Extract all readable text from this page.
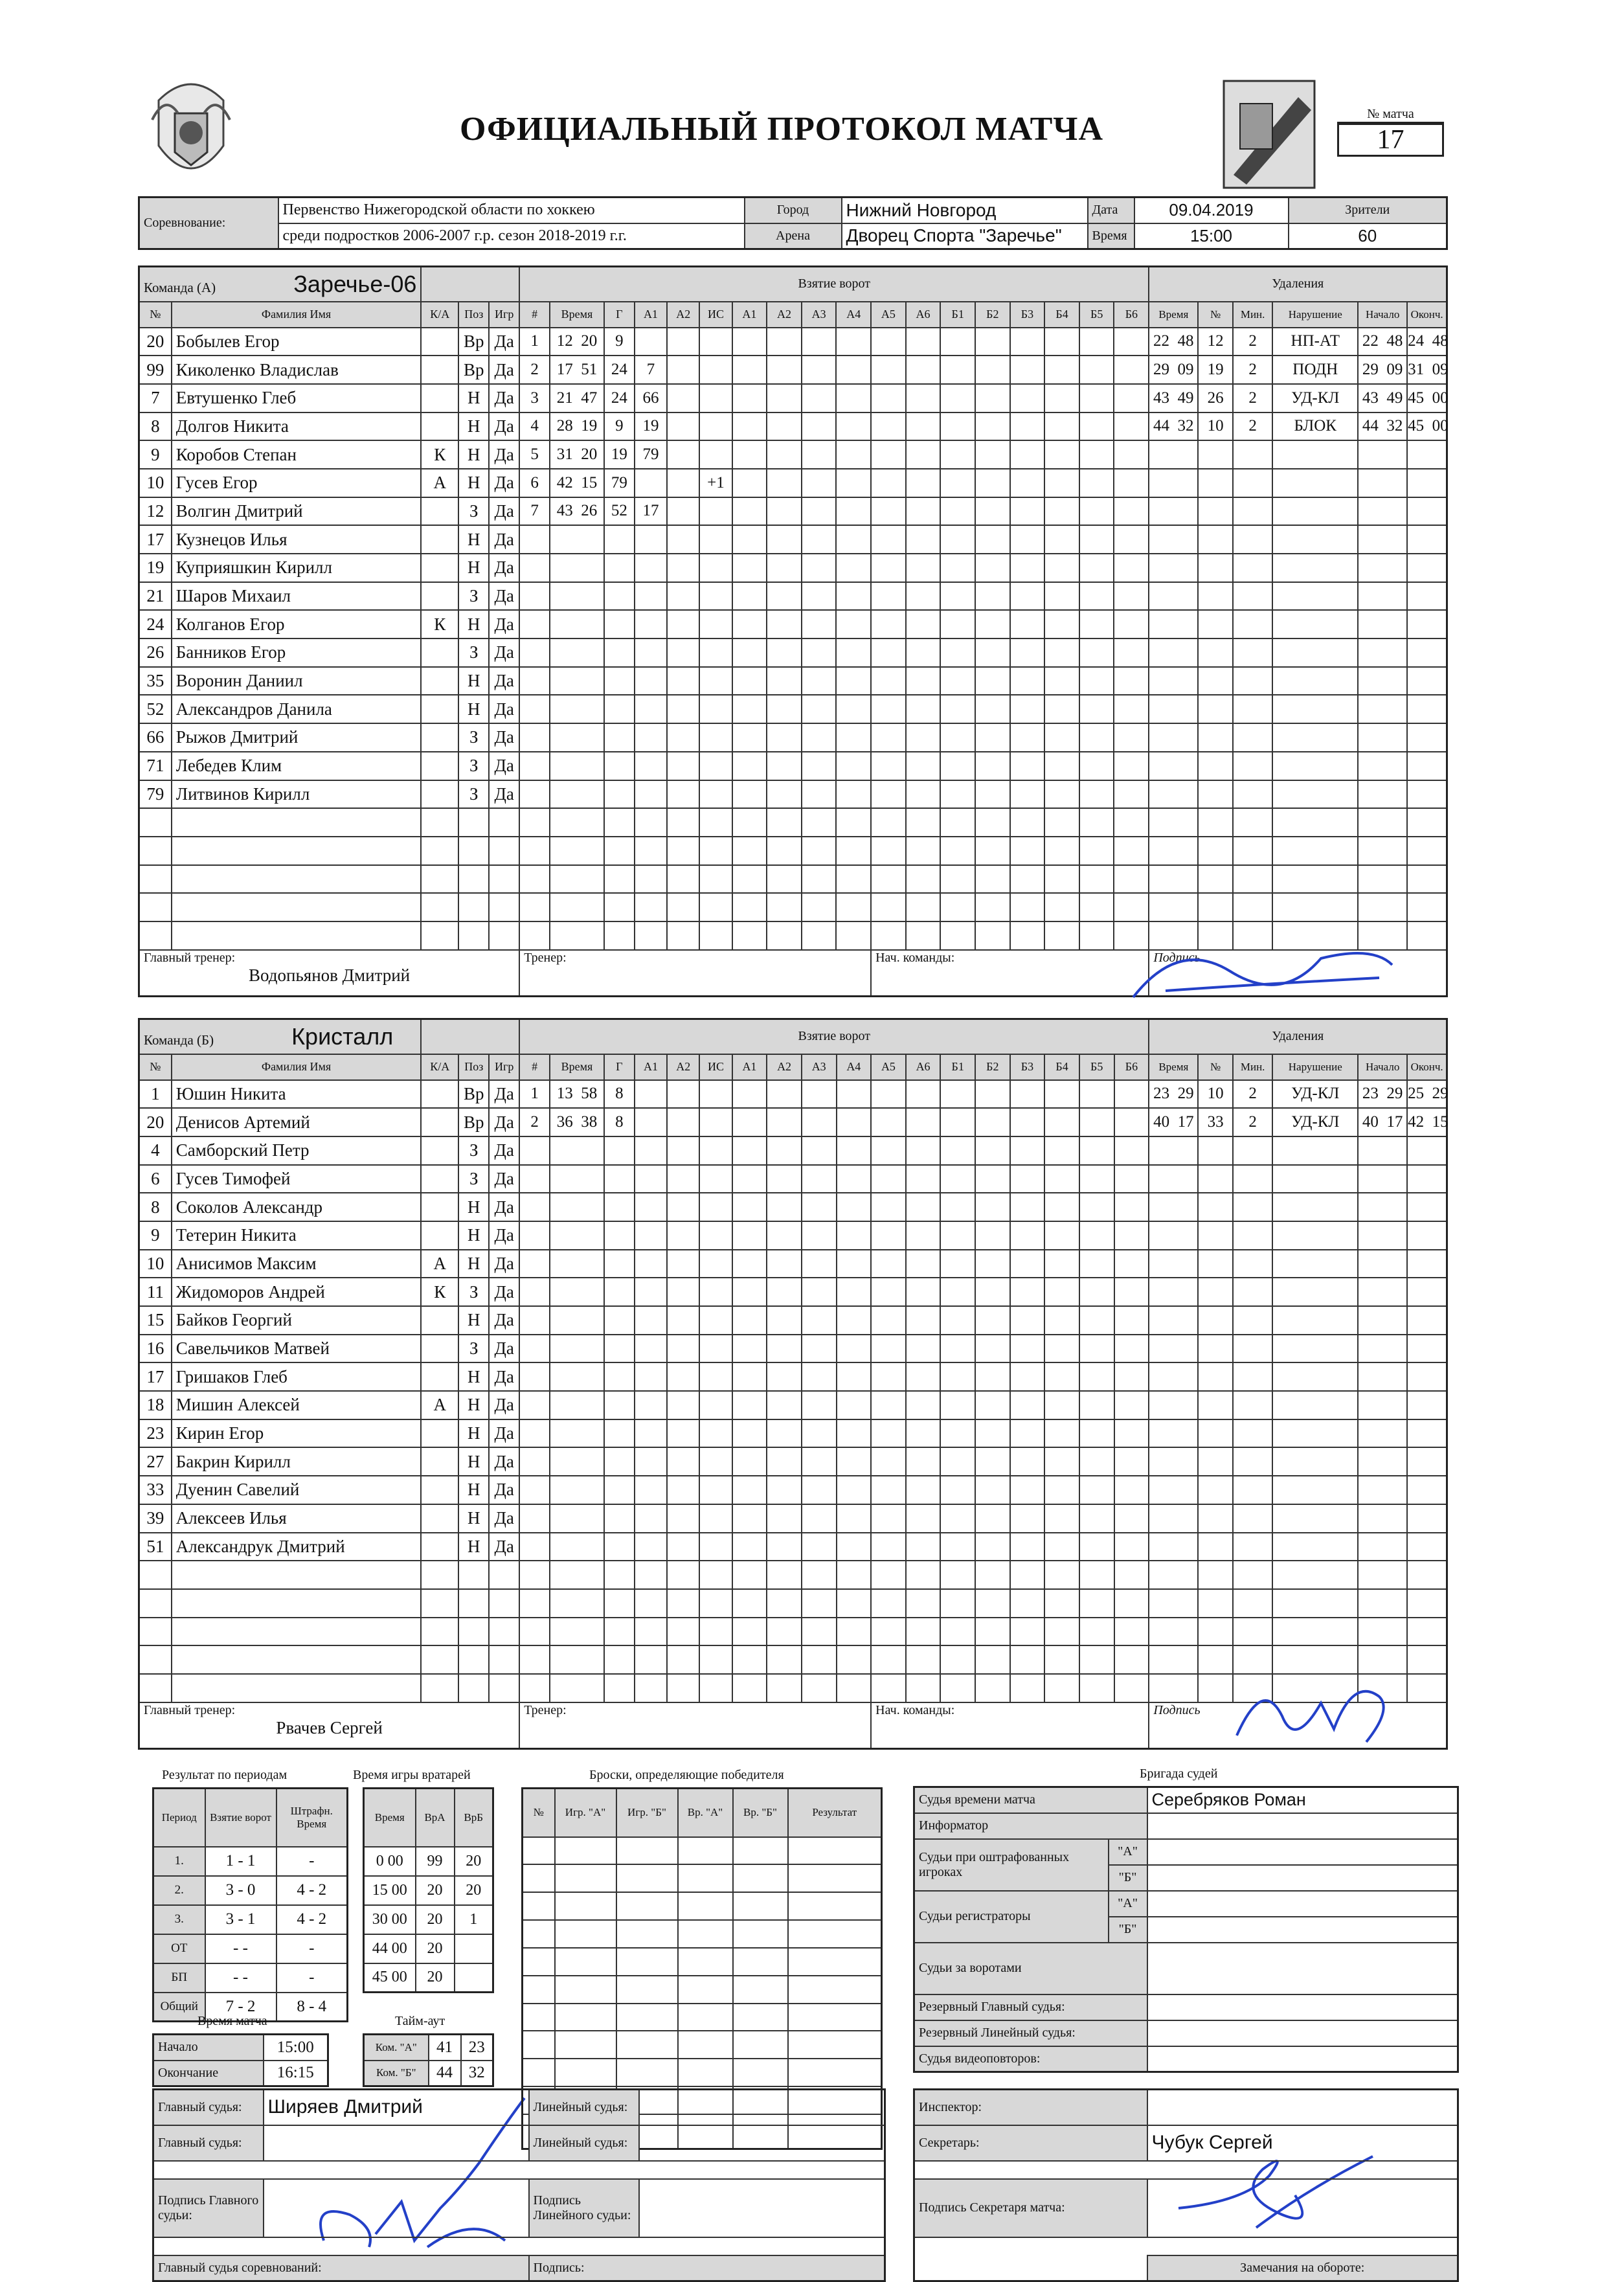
ОФИЦИАЛЬНЫЙ ПРОТОКОЛ МАТЧА	№ матча
17
Соревнование:	Первенство Нижегородской области по хоккею	Город	Нижний Новгород	Дата	09.04.2019	Зрители
	среди подростков 2006-2007 г.р. сезон 2018-2019 г.г.	Арена	Дворец Спорта "Заречье"	Время	15:00	60
Команда (А) Заречье-06					Взятие ворот																		Удаления					
№	Фамилия Имя	К/А	Поз	Игр	#	Время	Г	А1	А2	ИС	А1	А2	А3	А4	А5	А6	Б1	Б2	Б3	Б4	Б5	Б6	Время	№	Мин.	Нарушение	Начало	Оконч.
20	Бобылев Егор		Вр	Да	1	12 20	9																22 48	12	2	НП-АТ	22 48	24 48
99	Киколенко Владислав		Вр	Да	2	17 51	24	7															29 09	19	2	ПОДН	29 09	31 09
7	Евтушенко Глеб		Н	Да	3	21 47	24	66															43 49	26	2	УД-КЛ	43 49	45 00
8	Долгов Никита		Н	Да	4	28 19	9	19															44 32	10	2	БЛОК	44 32	45 00
9	Коробов Степан	К	Н	Да	5	31 20	19	79																				
10	Гусев Егор	А	Н	Да	6	42 15	79			+1																		
12	Волгин Дмитрий		З	Да	7	43 26	52	17																				
17	Кузнецов Илья		Н	Да																								
19	Куприяшкин Кирилл		Н	Да																								
21	Шаров Михаил		З	Да																								
24	Колганов Егор	К	Н	Да																								
26	Банников Егор		З	Да																								
35	Воронин Даниил		Н	Да																								
52	Александров Данила		Н	Да																								
66	Рыжов Дмитрий		З	Да																								
71	Лебедев Клим		З	Да																								
79	Литвинов Кирилл		З	Да																								

Главный тренер:
Водопьянов Дмитрий					Тренер:										Нач. команды:								Подпись					
Команда (Б) Кристалл					Взятие ворот																		Удаления					
№	Фамилия Имя	К/А	Поз	Игр	#	Время	Г	А1	А2	ИС	А1	А2	А3	А4	А5	А6	Б1	Б2	Б3	Б4	Б5	Б6	Время	№	Мин.	Нарушение	Начало	Оконч.
1	Юшин Никита		Вр	Да	1	13 58	8																23 29	10	2	УД-КЛ	23 29	25 29
20	Денисов Артемий		Вр	Да	2	36 38	8																40 17	33	2	УД-КЛ	40 17	42 15
4	Самборский Петр		З	Да																								
6	Гусев Тимофей		З	Да																								
8	Соколов Александр		Н	Да																								
9	Тетерин Никита		Н	Да																								
10	Анисимов Максим	А	Н	Да																								
11	Жидоморов Андрей	К	З	Да																								
15	Байков Георгий		Н	Да																								
16	Савельчиков Матвей		З	Да																								
17	Гришаков Глеб		Н	Да																								
18	Мишин Алексей	А	Н	Да																								
23	Кирин Егор		Н	Да																								
27	Бакрин Кирилл		Н	Да																								
33	Дуенин Савелий		Н	Да																								
39	Алексеев Илья		Н	Да																								
51	Александрук Дмитрий		Н	Да																								

Главный тренер:
Рвачев Сергей					Тренер:										Нач. команды:								Подпись					
Результат по периодам
Период	Взятие ворот	Штрафн. Время
1.	1 - 1	-
2.	3 - 0	4 - 2
3.	3 - 1	4 - 2
ОТ	- -	-
БП	- -	-
Общий	7 - 2	8 - 4
Время игры вратарей
Время	ВрА	ВрБ
0 00	99	20
15 00	20	20
30 00	20	1
44 00	20	
45 00	20	
Броски, определяющие победителя
№	Игр. "А"	Игр. "Б"	Вр. "А"	Вр. "Б"	Результат

Время матча
Начало	15:00
Окончание	16:15
Тайм-аут
Ком. "А"	41	23
Ком. "Б"	44	32
Бригада судей
Судья времени матча		Серебряков Роман
Информатор		
Судьи при оштрафованных игроках	"А"	
	"Б"	
Судьи регистраторы	"А"	
	"Б"	
Судьи за воротами		
Резервный Главный судья:		
Резервный Линейный судья:		
Судья видеоповторов:		
Главный судья:	Ширяев Дмитрий	Линейный судья:	
Главный судья:		Линейный судья:	

Подпись Главного судьи:		Подпись Линейного судьи:	

Главный судья соревнований:		Подпись:	
Инспектор:	
Секретарь:	Чубук Сергей

Подпись Секретаря матча:	

	Замечания на обороте:
